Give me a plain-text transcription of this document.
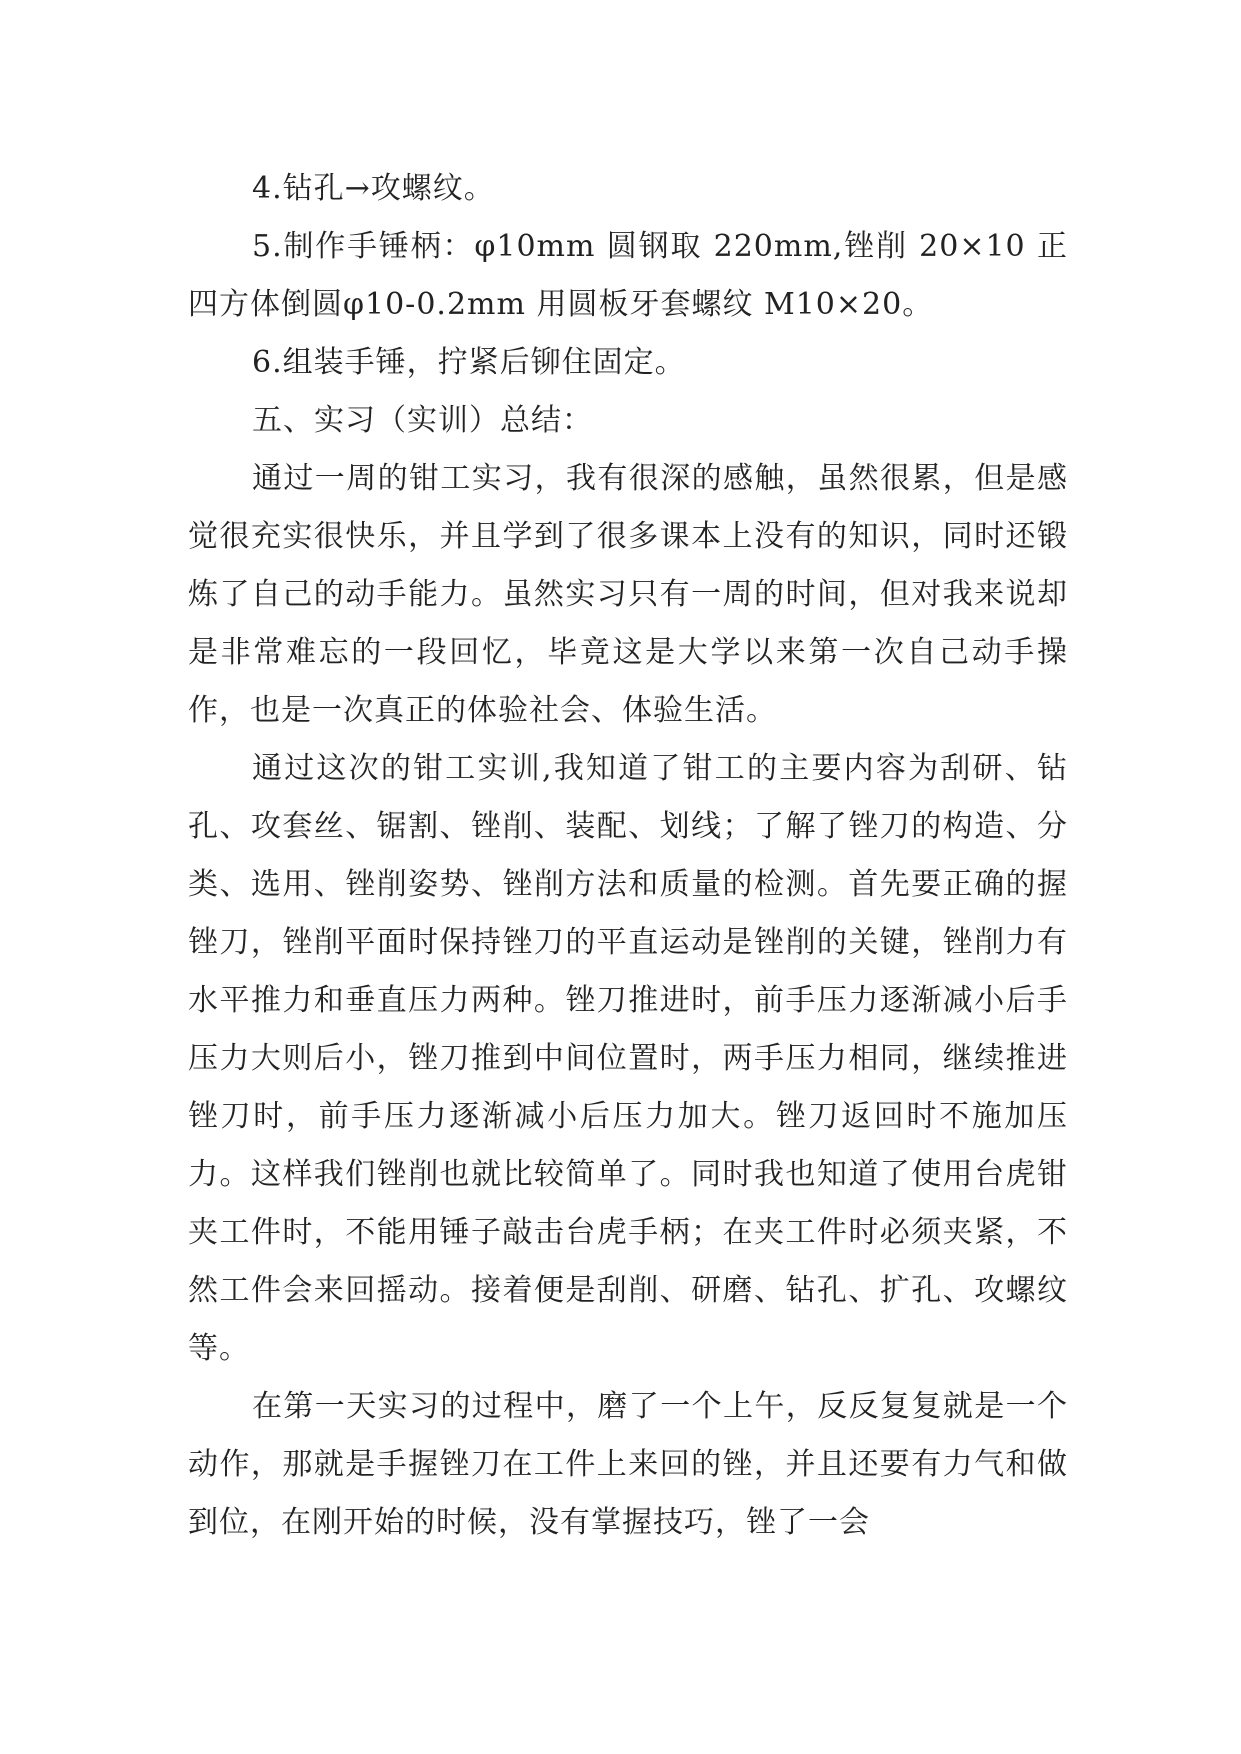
4.钻孔→攻螺纹。

5.制作手锤柄：φ10mm 圆钢取 220mm,锉削 20×10 正四方体倒圆φ10-0.2mm 用圆板牙套螺纹 M10×20。

6.组装手锤，拧紧后铆住固定。

五、实习（实训）总结：

通过一周的钳工实习，我有很深的感触，虽然很累，但是感觉很充实很快乐，并且学到了很多课本上没有的知识，同时还锻炼了自己的动手能力。虽然实习只有一周的时间，但对我来说却是非常难忘的一段回忆，毕竟这是大学以来第一次自己动手操作，也是一次真正的体验社会、体验生活。

通过这次的钳工实训,我知道了钳工的主要内容为刮研、钻孔、攻套丝、锯割、锉削、装配、划线；了解了锉刀的构造、分类、选用、锉削姿势、锉削方法和质量的检测。首先要正确的握锉刀，锉削平面时保持锉刀的平直运动是锉削的关键，锉削力有水平推力和垂直压力两种。锉刀推进时，前手压力逐渐减小后手压力大则后小，锉刀推到中间位置时，两手压力相同，继续推进锉刀时，前手压力逐渐减小后压力加大。锉刀返回时不施加压力。这样我们锉削也就比较简单了。同时我也知道了使用台虎钳夹工件时，不能用锤子敲击台虎手柄；在夹工件时必须夹紧，不然工件会来回摇动。接着便是刮削、研磨、钻孔、扩孔、攻螺纹等。

在第一天实习的过程中，磨了一个上午，反反复复就是一个动作，那就是手握锉刀在工件上来回的锉，并且还要有力气和做到位，在刚开始的时候，没有掌握技巧，锉了一会
